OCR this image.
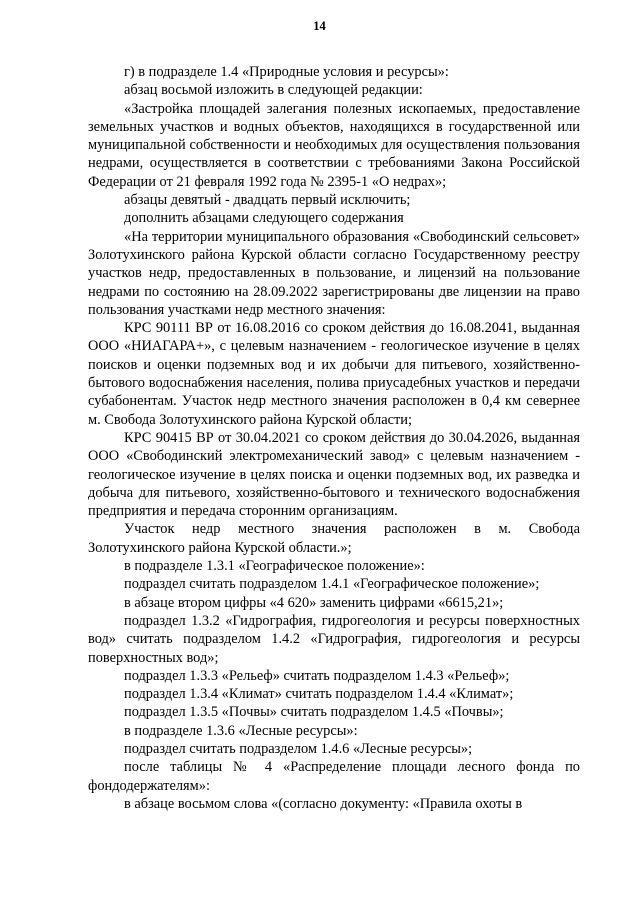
14

г) в подразделе 1.4 «Природные условия и ресурсы»:

абзац восьмой изложить в следующей редакции:

«Застройка площадей залегания полезных ископаемых, предоставление земельных участков и водных объектов, находящихся в государственной или муниципальной собственности и необходимых для осуществления пользования недрами, осуществляется в соответствии с требованиями Закона Российской Федерации от 21 февраля 1992 года № 2395-1 «О недрах»;

абзацы девятый - двадцать первый исключить;

дополнить абзацами следующего содержания

«На территории муниципального образования «Свободинский сельсовет» Золотухинского района Курской области согласно Государственному реестру участков недр, предоставленных в пользование, и лицензий на пользование недрами по состоянию на 28.09.2022 зарегистрированы две лицензии на право пользования участками недр местного значения:

КРС 90111 ВР от 16.08.2016 со сроком действия до 16.08.2041, выданная ООО «НИАГАРА+», с целевым назначением - геологическое изучение в целях поисков и оценки подземных вод и их добычи для питьевого, хозяйственно-бытового водоснабжения населения, полива приусадебных участков и передачи субабонентам. Участок недр местного значения расположен в 0,4 км севернее м. Свобода Золотухинского района Курской области;

КРС 90415 ВР от 30.04.2021 со сроком действия до 30.04.2026, выданная ООО «Свободинский электромеханический завод» с целевым назначением - геологическое изучение в целях поиска и оценки подземных вод, их разведка и добыча для питьевого, хозяйственно-бытового и технического водоснабжения предприятия и передача сторонним организациям.

Участок недр местного значения расположен в м. Свобода Золотухинского района Курской области.»;

в подразделе 1.3.1 «Географическое положение»:

подраздел считать подразделом 1.4.1 «Географическое положение»;

в абзаце втором цифры «4 620» заменить цифрами «6615,21»;

подраздел 1.3.2 «Гидрография, гидрогеология и ресурсы поверхностных вод» считать подразделом 1.4.2 «Гидрография, гидрогеология и ресурсы поверхностных вод»;

подраздел 1.3.3 «Рельеф» считать подразделом 1.4.3 «Рельеф»;

подраздел 1.3.4 «Климат» считать подразделом 1.4.4 «Климат»;

подраздел 1.3.5 «Почвы» считать подразделом 1.4.5 «Почвы»;

в подразделе 1.3.6 «Лесные ресурсы»:

подраздел считать подразделом 1.4.6 «Лесные ресурсы»;

после таблицы № 4 «Распределение площади лесного фонда по фондодержателям»:

в абзаце восьмом слова «(согласно документу: «Правила охоты в
